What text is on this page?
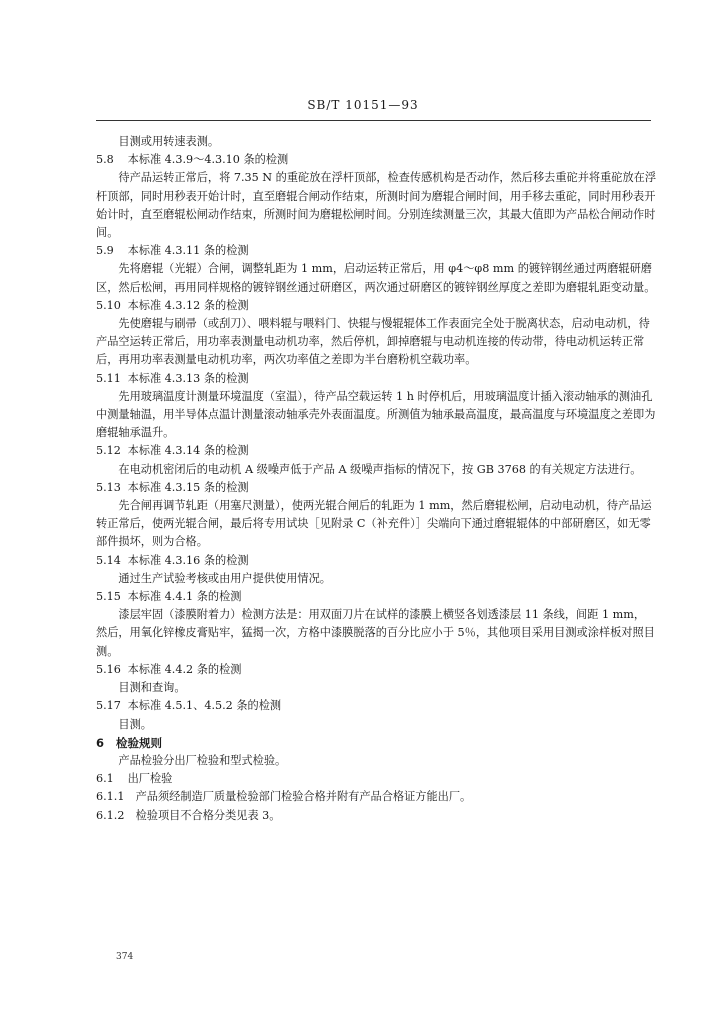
SB/T 10151—93

目测或用转速表测。

5.8 本标准 4.3.9～4.3.10 条的检测

待产品运转正常后，将 7.35 N 的重砣放在浮杆顶部，检查传感机构是否动作，然后移去重砣并将重砣放在浮杆顶部，同时用秒表开始计时，直至磨辊合闸动作结束，所测时间为磨辊合闸时间，用手移去重砣，同时用秒表开始计时，直至磨辊松闸动作结束，所测时间为磨辊松闸时间。分别连续测量三次，其最大值即为产品松合闸动作时间。

5.9 本标准 4.3.11 条的检测

先将磨辊（光辊）合闸，调整轧距为 1 mm，启动运转正常后，用 φ4～φ8 mm 的镀锌钢丝通过两磨辊研磨区，然后松闸，再用同样规格的镀锌钢丝通过研磨区，两次通过研磨区的镀锌钢丝厚度之差即为磨辊轧距变动量。

5.10 本标准 4.3.12 条的检测

先使磨辊与刷帚（或刮刀）、喂料辊与喂料门、快辊与慢辊辊体工作表面完全处于脱离状态，启动电动机，待产品空运转正常后，用功率表测量电动机功率，然后停机，卸掉磨辊与电动机连接的传动带，待电动机运转正常后，再用功率表测量电动机功率，两次功率值之差即为半台磨粉机空载功率。

5.11 本标准 4.3.13 条的检测

先用玻璃温度计测量环境温度（室温），待产品空载运转 1 h 时停机后，用玻璃温度计插入滚动轴承的测油孔中测量轴温，用半导体点温计测量滚动轴承壳外表面温度。所测值为轴承最高温度，最高温度与环境温度之差即为磨辊轴承温升。

5.12 本标准 4.3.14 条的检测

在电动机密闭后的电动机 A 级噪声低于产品 A 级噪声指标的情况下，按 GB 3768 的有关规定方法进行。

5.13 本标准 4.3.15 条的检测

先合闸再调节轧距（用塞尺测量），使两光辊合闸后的轧距为 1 mm，然后磨辊松闸，启动电动机，待产品运转正常后，使两光辊合闸，最后将专用试块［见附录 C（补充件）］尖端向下通过磨辊辊体的中部研磨区，如无零部件损坏，则为合格。

5.14 本标准 4.3.16 条的检测

通过生产试验考核或由用户提供使用情况。

5.15 本标准 4.4.1 条的检测

漆层牢固（漆膜附着力）检测方法是：用双面刀片在试样的漆膜上横竖各划透漆层 11 条线，间距 1 mm，然后，用氧化锌橡皮膏贴牢，猛揭一次，方格中漆膜脱落的百分比应小于 5％，其他项目采用目测或涂样板对照目测。

5.16 本标准 4.4.2 条的检测

目测和查询。

5.17 本标准 4.5.1、4.5.2 条的检测

目测。

6 检验规则

产品检验分出厂检验和型式检验。

6.1 出厂检验

6.1.1 产品须经制造厂质量检验部门检验合格并附有产品合格证方能出厂。

6.1.2 检验项目不合格分类见表 3。

374
